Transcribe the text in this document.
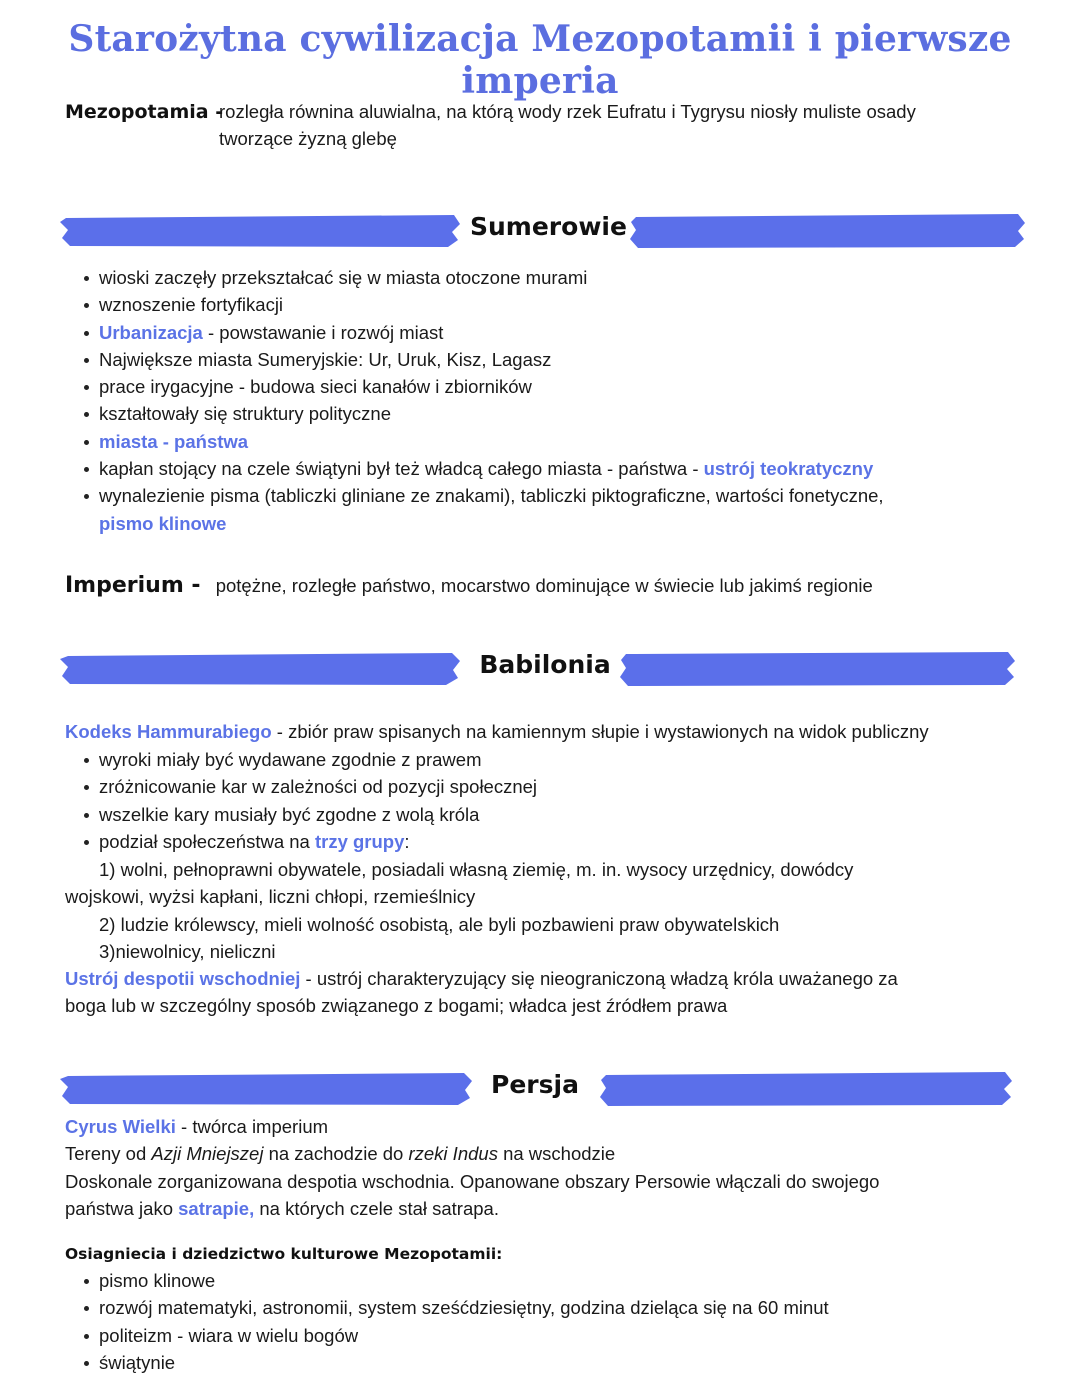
Starożytna cywilizacja Mezopotamii i pierwsze imperia
Mezopotamia -
rozległa równina aluwialna, na którą wody rzek Eufratu i Tygrysu niosły muliste osady
tworzące żyzną glebę
Sumerowie
wioski zaczęły przekształcać się w miasta otoczone murami
wznoszenie fortyfikacji
Urbanizacja - powstawanie i rozwój miast
Największe miasta Sumeryjskie: Ur, Uruk, Kisz, Lagasz
prace irygacyjne - budowa sieci kanałów i zbiorników
kształtowały się struktury polityczne
miasta - państwa
kapłan stojący na czele świątyni był też władcą całego miasta - państwa - ustrój teokratyczny
wynalezienie pisma (tabliczki gliniane ze znakami), tabliczki piktograficzne, wartości fonetyczne,
pismo klinowe
Imperium - potężne, rozległe państwo, mocarstwo dominujące w świecie lub jakimś regionie
Babilonia
Kodeks Hammurabiego - zbiór praw spisanych na kamiennym słupie i wystawionych na widok publiczny
wyroki miały być wydawane zgodnie z prawem
zróżnicowanie kar w zależności od pozycji społecznej
wszelkie kary musiały być zgodne z wolą króla
podział społeczeństwa na trzy grupy:
1) wolni, pełnoprawni obywatele, posiadali własną ziemię, m. in. wysocy urzędnicy, dowódcy
wojskowi, wyżsi kapłani, liczni chłopi, rzemieślnicy
2) ludzie królewscy, mieli wolność osobistą, ale byli pozbawieni praw obywatelskich
3)niewolnicy, nieliczni
Ustrój despotii wschodniej - ustrój charakteryzujący się nieograniczoną władzą króla uważanego za
boga lub w szczególny sposób związanego z bogami; władca jest źródłem prawa
Persja
Cyrus Wielki - twórca imperium
Tereny od Azji Mniejszej na zachodzie do rzeki Indus na wschodzie
Doskonale zorganizowana despotia wschodnia. Opanowane obszary Persowie włączali do swojego
państwa jako satrapie, na których czele stał satrapa.
Osiagniecia i dziedzictwo kulturowe Mezopotamii:
pismo klinowe
rozwój matematyki, astronomii, system sześćdziesiętny, godzina dzieląca się na 60 minut
politeizm - wiara w wielu bogów
świątynie
